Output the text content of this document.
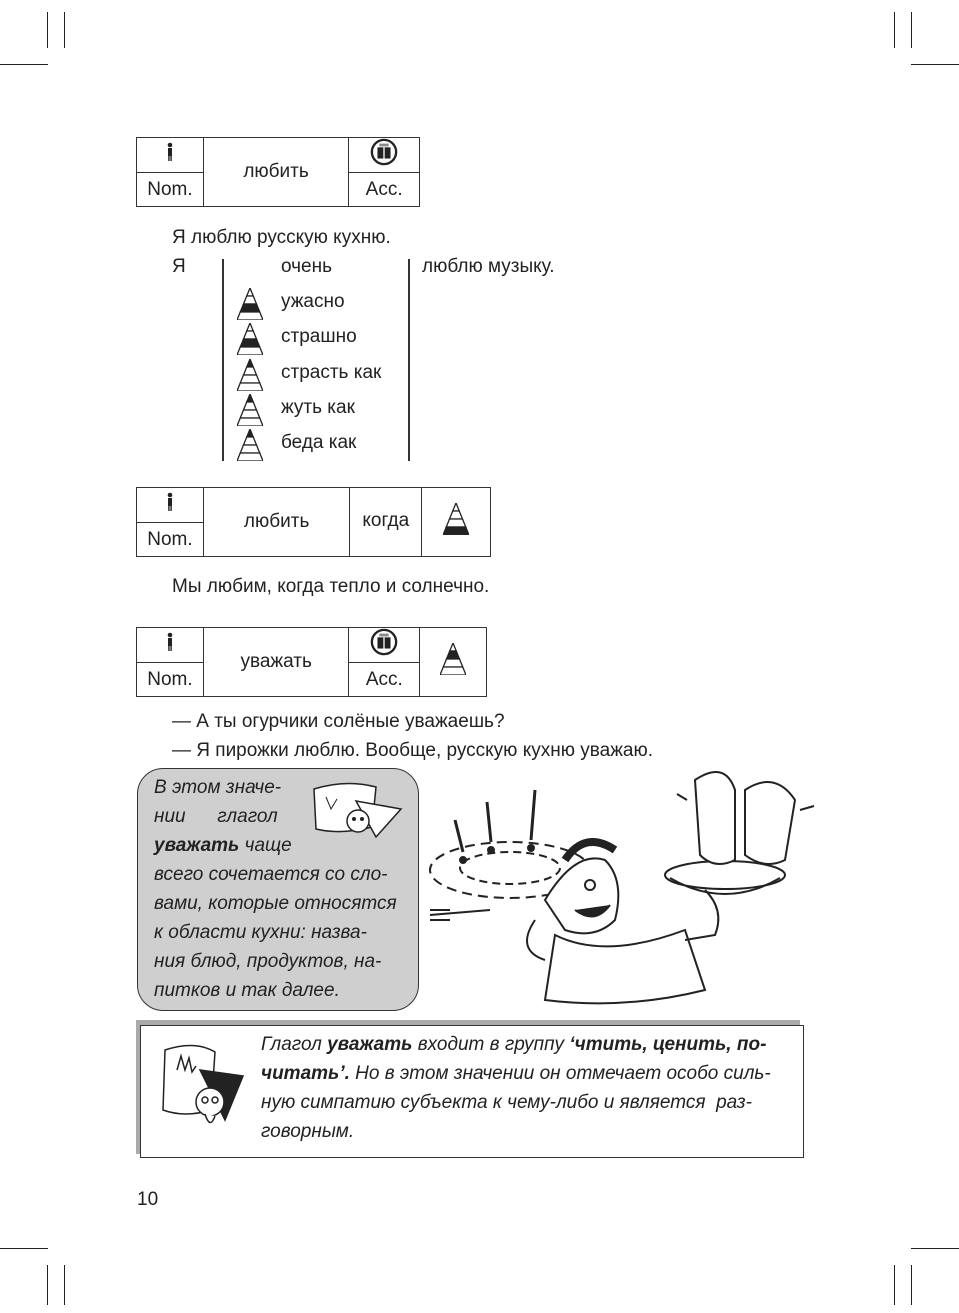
	любить	
Nom.		Acc.
Я люблю русскую кухню.
Я	люблю музыку.
очень
ужасно
страшно
страсть как
жуть как
беда как
	любить	когда	
Nom.
Мы любим, когда тепло и солнечно.
	уважать		
Nom.		Acc.	
— А ты огурчики солёные уважаешь?
— Я пирожки люблю. Вообще, русскую кухню уважаю.
В этом значе-
нии      глагол
уважать чаще
всего сочетается со сло-
вами, которые относятся
к области кухни: назва-
ния блюд, продуктов, на-
питков и так далее.
Глагол уважать входит в группу ‘чтить, ценить, по-
читать’. Но в этом значении он отмечает особо силь-
ную симпатию субъекта к чему-либо и является  раз-
говорным.
10
